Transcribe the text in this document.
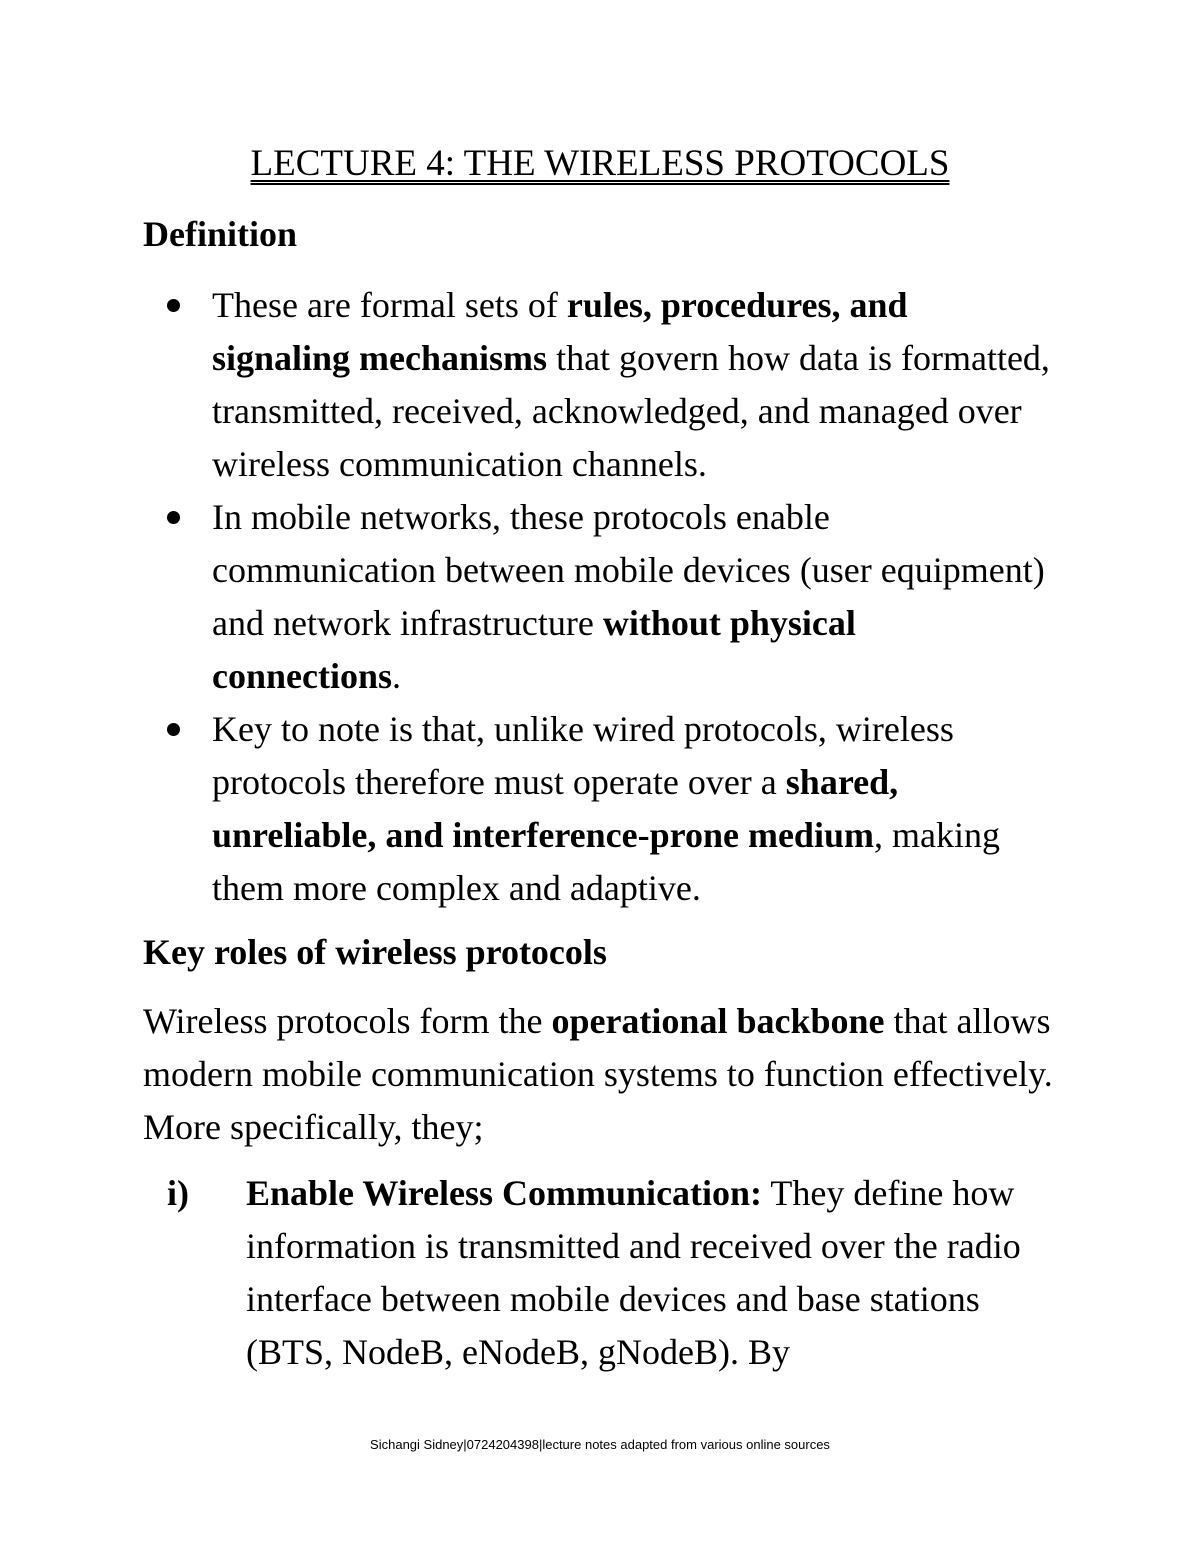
LECTURE 4: THE WIRELESS PROTOCOLS
Definition
These are formal sets of rules, procedures, and signaling mechanisms that govern how data is formatted, transmitted, received, acknowledged, and managed over wireless communication channels.
In mobile networks, these protocols enable communication between mobile devices (user equipment) and network infrastructure without physical connections.
Key to note is that, unlike wired protocols, wireless protocols therefore must operate over a shared, unreliable, and interference-prone medium, making them more complex and adaptive.
Key roles of wireless protocols

Wireless protocols form the operational backbone that allows modern mobile communication systems to function effectively. More specifically, they;

i) Enable Wireless Communication: They define how information is transmitted and received over the radio interface between mobile devices and base stations (BTS, NodeB, eNodeB, gNodeB). By

Sichangi Sidney|0724204398|lecture notes adapted from various online sources
